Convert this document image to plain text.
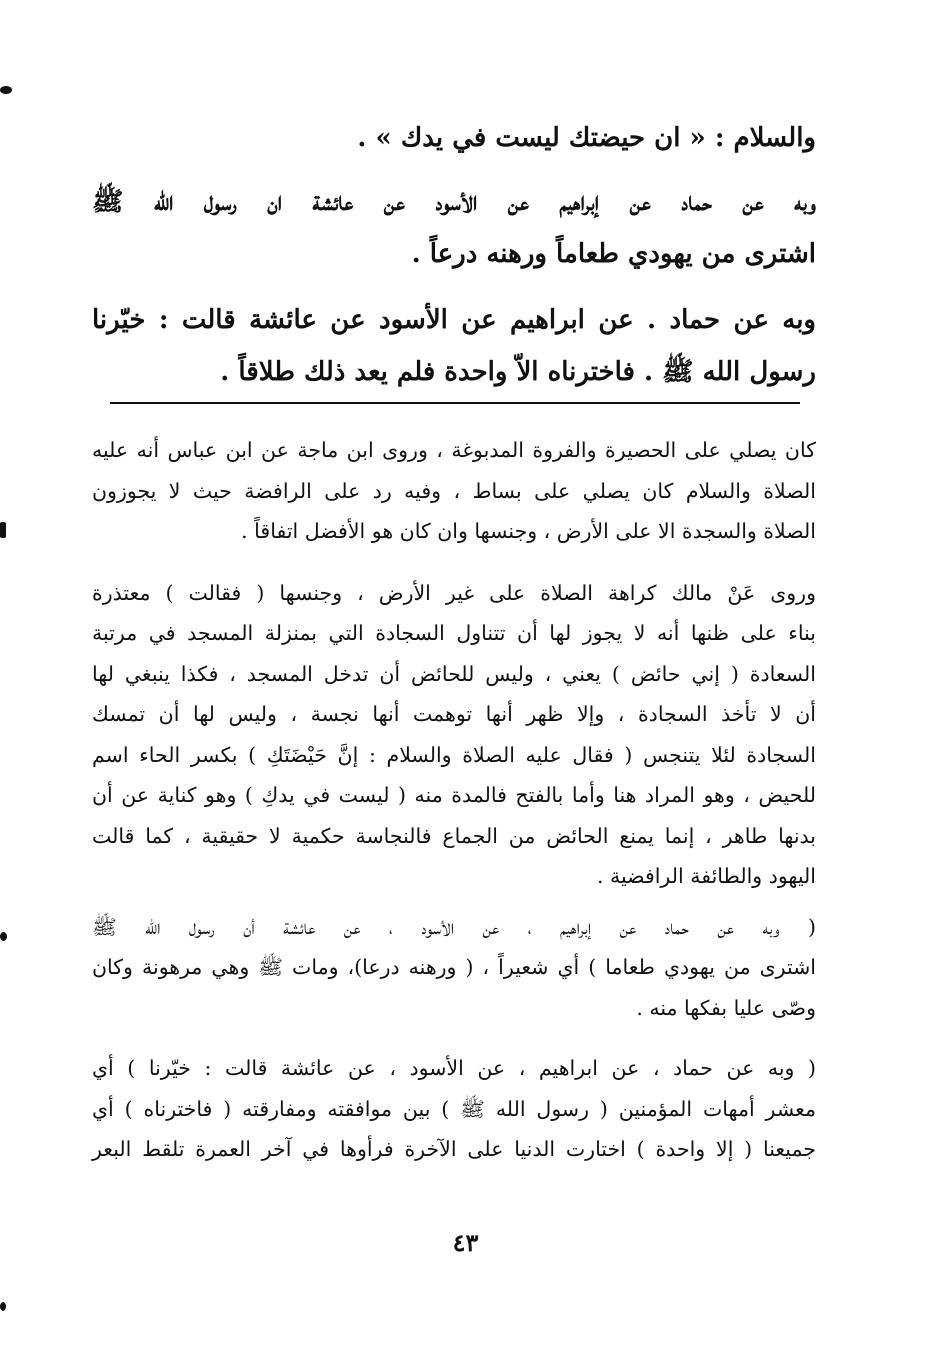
والسلام : « ان حيضتك ليست في يدك » .
وبه عن حماد عن إبراهيم عن الأسود عن عائشة ان رسول الله ﷺ
اشترى من يهودي طعاماً ورهنه درعاً .
وبه عن حماد . عن ابراهيم عن الأسود عن عائشة قالت : خيّرنا
رسول الله ﷺ . فاخترناه الاّ واحدة فلم يعد ذلك طلاقاً .
كان يصلي على الحصيرة والفروة المدبوغة ، وروى ابن ماجة عن ابن عباس أنه عليه
الصلاة والسلام كان يصلي على بساط ، وفيه رد على الرافضة حيث لا يجوزون
الصلاة والسجدة الا على الأرض ، وجنسها وان كان هو الأفضل اتفاقاً .
وروى عَنْ مالك كراهة الصلاة على غير الأرض ، وجنسها ( فقالت ) معتذرة
بناء على ظنها أنه لا يجوز لها أن تتناول السجادة التي بمنزلة المسجد في مرتبة
السعادة ( إني حائض ) يعني ، وليس للحائض أن تدخل المسجد ، فكذا ينبغي لها
أن لا تأخذ السجادة ، وإلا ظهر أنها توهمت أنها نجسة ، وليس لها أن تمسك
السجادة لئلا يتنجس ( فقال عليه الصلاة والسلام : إنَّ حَيْضَتَكِ ) بكسر الحاء اسم
للحيض ، وهو المراد هنا وأما بالفتح فالمدة منه ( ليست في يدكِ ) وهو كناية عن أن
بدنها طاهر ، إنما يمنع الحائض من الجماع فالنجاسة حكمية لا حقيقية ، كما قالت
اليهود والطائفة الرافضية .
( وبه عن حماد عن إبراهيم ، عن الأسود ، عن عائشة أن رسول الله ﷺ
اشترى من يهودي طعاما ) أي شعيراً ، ( ورهنه درعا)، ومات ﷺ وهي مرهونة وكان
وصّى عليا بفكها منه .
( وبه عن حماد ، عن ابراهيم ، عن الأسود ، عن عائشة قالت : خيّرنا ) أي
معشر أمهات المؤمنين ( رسول الله ﷺ ) بين موافقته ومفارقته ( فاخترناه ) أي
جميعنا ( إلا واحدة ) اختارت الدنيا على الآخرة فرأوها في آخر العمرة تلقط البعر
٤٣
